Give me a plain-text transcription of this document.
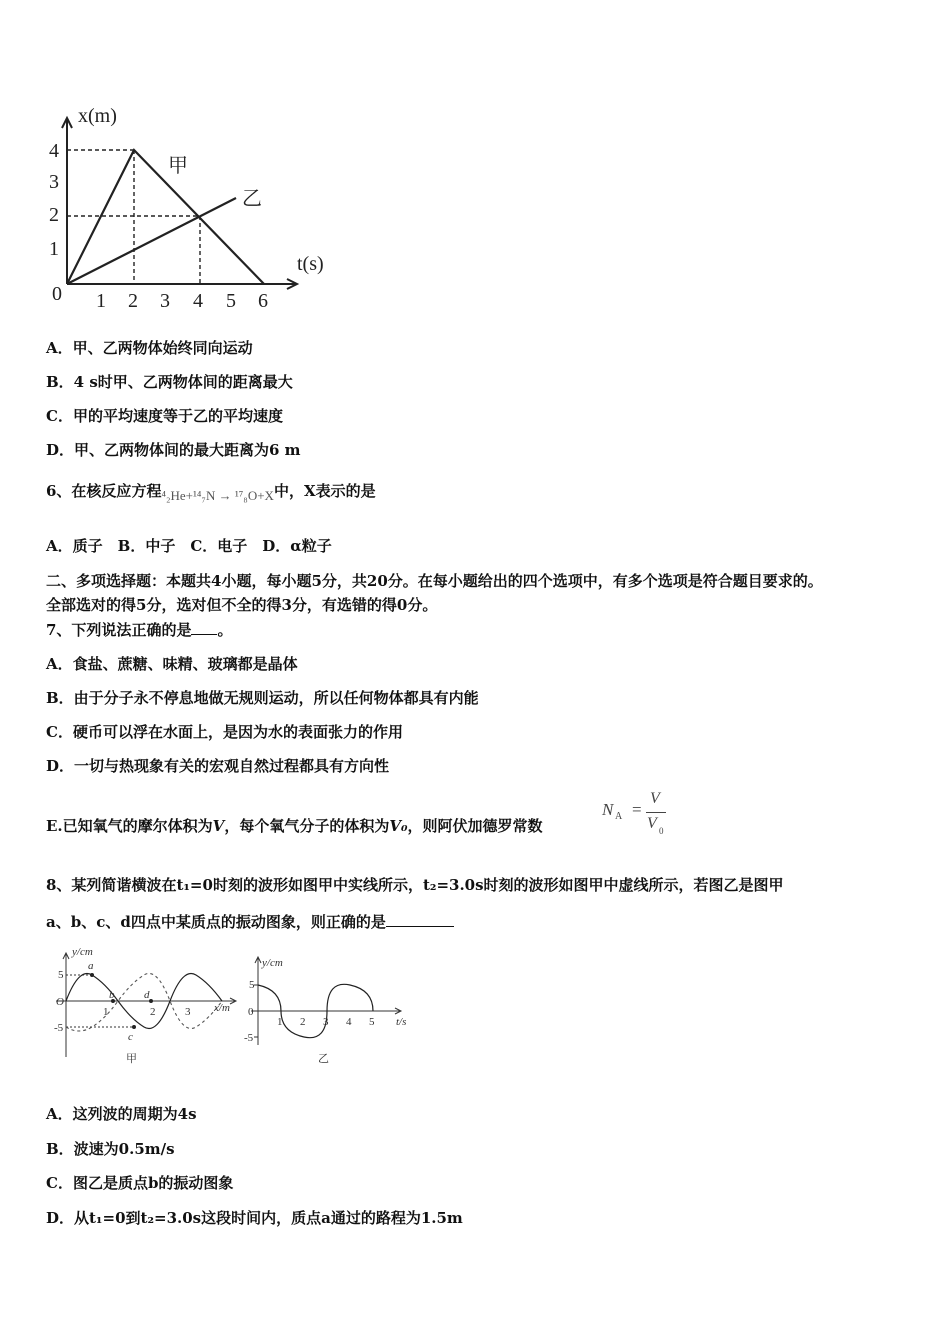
x(m)
t(s)
0
1
2
3
4
1 2 3 4 5 6
甲
乙
A．甲、乙两物体始终同向运动
B．4 s时甲、乙两物体间的距离最大
C．甲的平均速度等于乙的平均速度
D．甲、乙两物体间的最大距离为6 m
6、在核反应方程⁴₂He+¹⁴₇N → ¹⁷₈O+X中，X表示的是
A．质子　B．中子　C．电子　D．α粒子
二、多项选择题：本题共4小题，每小题5分，共20分。在每小题给出的四个选项中，有多个选项是符合题目要求的。
全部选对的得5分，选对但不全的得3分，有选错的得0分。
7、下列说法正确的是 。
A．食盐、蔗糖、味精、玻璃都是晶体
B．由于分子永不停息地做无规则运动，所以任何物体都具有内能
C．硬币可以浮在水面上，是因为水的表面张力的作用
D．一切与热现象有关的宏观自然过程都具有方向性
E.已知氧气的摩尔体积为V，每个氧气分子的体积为V₀，则阿伏加德罗常数
N A =
V
V 0
8、某列简谐横波在t₁=0时刻的波形如图甲中实线所示，t₂=3.0s时刻的波形如图甲中虚线所示，若图乙是图甲
a、b、c、d四点中某质点的振动图象，则正确的是
y/cm
x/m
O
5
-5
1	2	3
a
b
c
d
甲
y/cm
t/s
0
5
-5
1 2 3 4 5
乙
A．这列波的周期为4s
B．波速为0.5m/s
C．图乙是质点b的振动图象
D．从t₁=0到t₂=3.0s这段时间内，质点a通过的路程为1.5m
